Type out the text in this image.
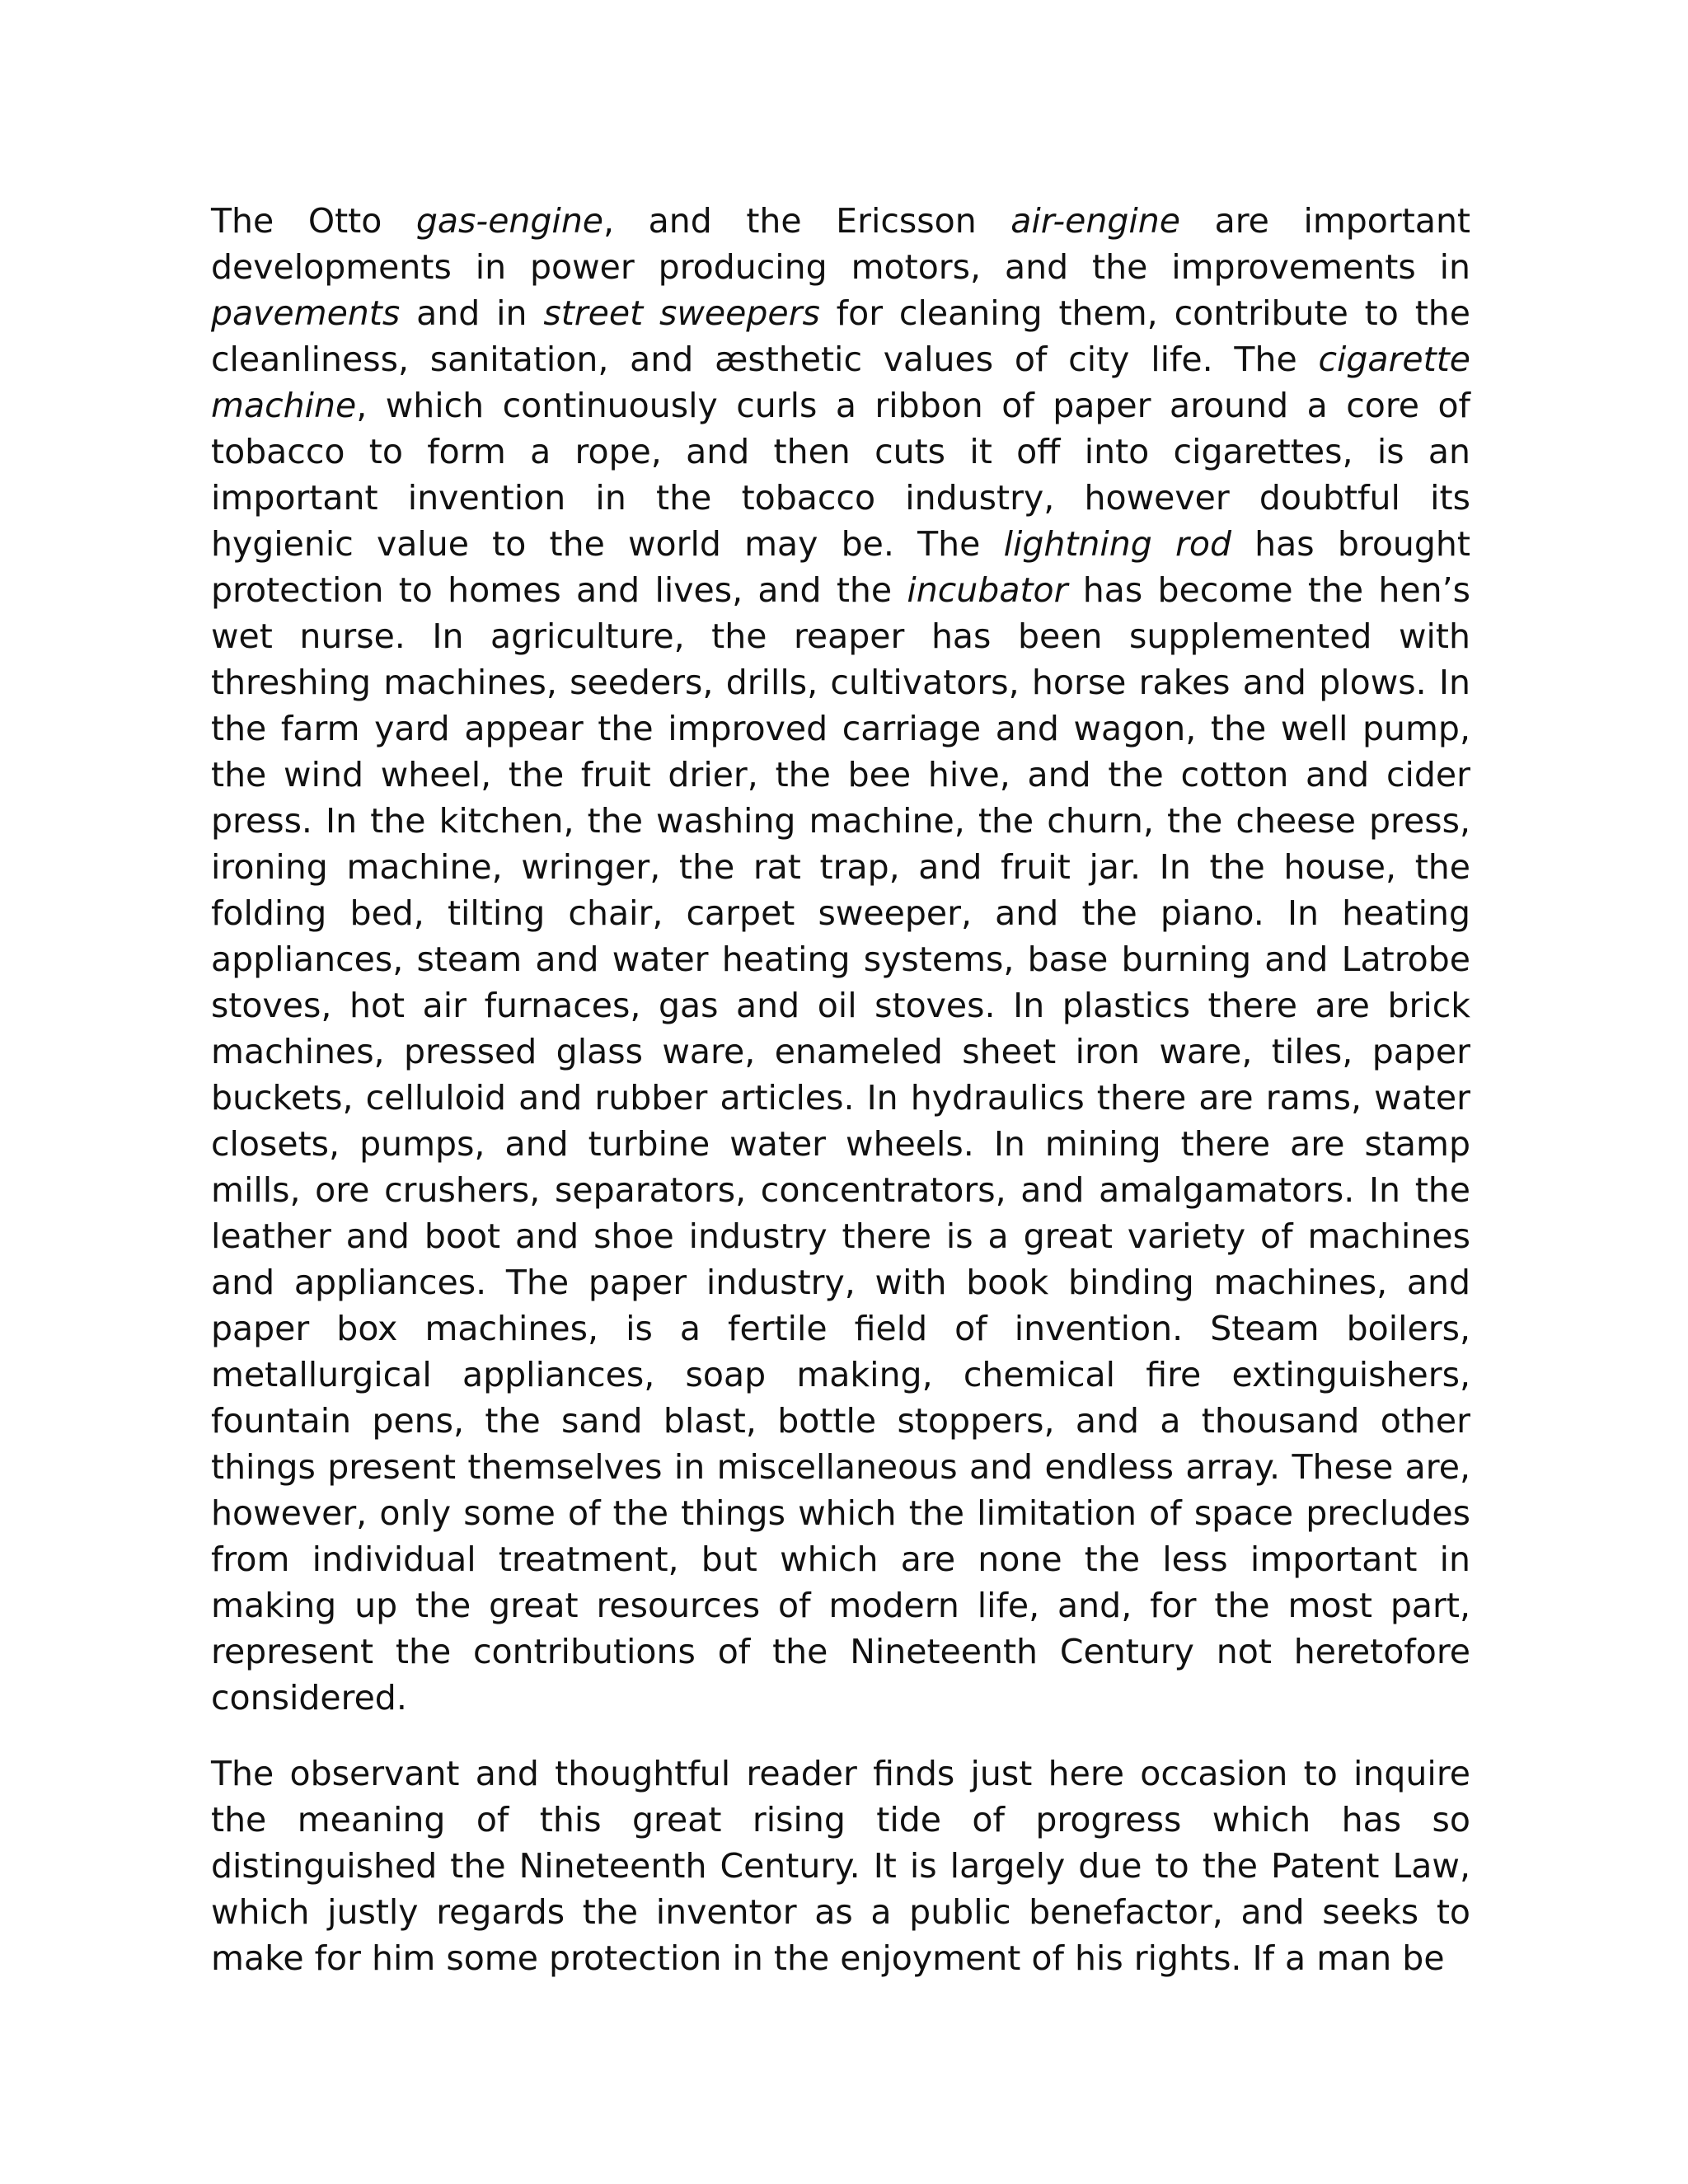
The Otto gas-engine, and the Ericsson air-engine are important developments in power producing motors, and the improvements in pavements and in street sweepers for cleaning them, contribute to the cleanliness, sanitation, and æsthetic values of city life. The cigarette machine, which continuously curls a ribbon of paper around a core of tobacco to form a rope, and then cuts it off into cigarettes, is an important invention in the tobacco industry, however doubtful its hygienic value to the world may be. The lightning rod has brought protection to homes and lives, and the incubator has become the hen’s wet nurse. In agriculture, the reaper has been supplemented with threshing machines, seeders, drills, cultivators, horse rakes and plows. In the farm yard appear the improved carriage and wagon, the well pump, the wind wheel, the fruit drier, the bee hive, and the cotton and cider press. In the kitchen, the washing machine, the churn, the cheese press, ironing machine, wringer, the rat trap, and fruit jar. In the house, the folding bed, tilting chair, carpet sweeper, and the piano. In heating appliances, steam and water heating systems, base burning and Latrobe stoves, hot air furnaces, gas and oil stoves. In plastics there are brick machines, pressed glass ware, enameled sheet iron ware, tiles, paper buckets, celluloid and rubber articles. In hydraulics there are rams, water closets, pumps, and turbine water wheels. In mining there are stamp mills, ore crushers, separators, concentrators, and amalgamators. In the leather and boot and shoe industry there is a great variety of machines and appliances. The paper industry, with book binding machines, and paper box machines, is a fertile field of invention. Steam boilers, metallurgical appliances, soap making, chemical fire extinguishers, fountain pens, the sand blast, bottle stoppers, and a thousand other things present themselves in miscellaneous and endless array. These are, however, only some of the things which the limitation of space precludes from individual treatment, but which are none the less important in making up the great resources of modern life, and, for the most part, represent the contributions of the Nineteenth Century not heretofore considered.

The observant and thoughtful reader finds just here occasion to inquire the meaning of this great rising tide of progress which has so distinguished the Nineteenth Century. It is largely due to the Patent Law, which justly regards the inventor as a public benefactor, and seeks to make for him some protection in the enjoyment of his rights. If a man be
